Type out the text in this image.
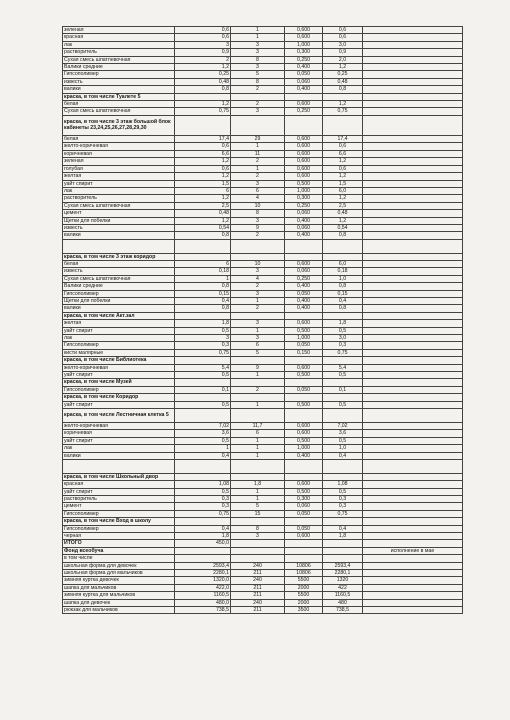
зеленая	0,6	1	0,600	0,6	
красная	0,6	1	0,600	0,6	
лак	3	3	1,000	3,0	
растворитель	0,9	3	0,300	0,9	
Сухая смесь шпатлевочная	2	8	0,250	2,0	
Валики средние	1,2	3	0,400	1,2	
Гипсополимер	0,25	5	0,050	0,25	
известь	0,48	8	0,060	0,48	
валики	0,8	2	0,400	0,8	
краска, в том числе Туалете 5					
белая	1,2	2	0,600	1,2	
Сухая смесь шпатлевочная	0,75	3	0,250	0,75	
краска, в том числе 3 этаж большой блок кабинеты 23,24,25,26,27,28,29,30					
белая	17,4	29	0,600	17,4	
желто-коричневая	0,6	1	0,600	0,6	
коричневая	6,6	11	0,600	6,6	
зеленая	1,2	2	0,600	1,2	
голубая	0,6	1	0,600	0,6	
желтая	1,2	2	0,600	1,2	
уайт спирит	1,5	3	0,500	1,5	
лак	6	6	1,000	6,0	
растворитель	1,2	4	0,300	1,2	
Сухая смесь шпатлевочная	2,5	10	0,250	2,5	
цемент	0,48	8	0,060	0,48	
Щетки для побелки	1,2	3	0,400	1,2	
известь	0,54	9	0,060	0,54	
валики	0,8	2	0,400	0,8	

краска, в том числе 3 этаж коридор					
белая	6	10	0,600	6,0	
известь	0,18	3	0,060	0,18	
Сухая смесь шпатлевочная	1	4	0,250	1,0	
Валики средние	0,8	2	0,400	0,8	
Гипсополимер	0,15	3	0,050	0,15	
Щетки для побелки	0,4	1	0,400	0,4	
валики	0,8	2	0,400	0,8	
краска, в том числе Акт.зал					
желтая	1,8	3	0,600	1,8	
уайт спирит	0,5	1	0,500	0,5	
лак	3	3	1,000	3,0	
Гипсополимер	0,3	6	0,050	0,3	
кисти малярные	0,75	5	0,150	0,75	
краска, в том числе Библиотека					
желто-коричневая	5,4	9	0,600	5,4	
уайт спирит	0,5	1	0,500	0,5	
краска, в том числе Музей					
Гипсополимер	0,1	2	0,050	0,1	
краска, в том числе Коридор					
уайт спирит	0,5	1	0,500	0,5	
краска, в том числе Лестничная клетка 5					
желто-коричневая	7,02	11,7	0,600	7,02	
коричневая	3,6	6	0,600	3,6	
уайт спирит	0,5	1	0,500	0,5	
лак	1	1	1,000	1,0	
валики	0,4	1	0,400	0,4	

краска, в том числе Школьный двор					
красная	1,08	1,8	0,600	1,08	
уайт спирит	0,5	1	0,500	0,5	
растворитель	0,3	1	0,300	0,3	
цемент	0,3	5	0,060	0,3	
Гипсополимер	0,75	15	0,050	0,75	
краска, в том числе Вход в школу					
Гипсополимер	0,4	8	0,050	0,4	
черная	1,8	3	0,600	1,8	
ИТОГО	450,0				
Фонд всеобуча					исполнение в мае
в том числе					
школьная форма для девочек	2593,4	240	10806	2593,4	
школьная форма для мальчиков	2280,1	211	10806	2280,1	
зимняя куртка девочек	1320,0	240	5500	1320	
шапка для мальчиков	422,0	211	2000	422	
зимняя куртка для мальчиков	1160,5	211	5500	1160,5	
шапка для девочек	480,0	240	2000	480	
рюкзак для мальчиков	738,5	211	3500	738,5	
